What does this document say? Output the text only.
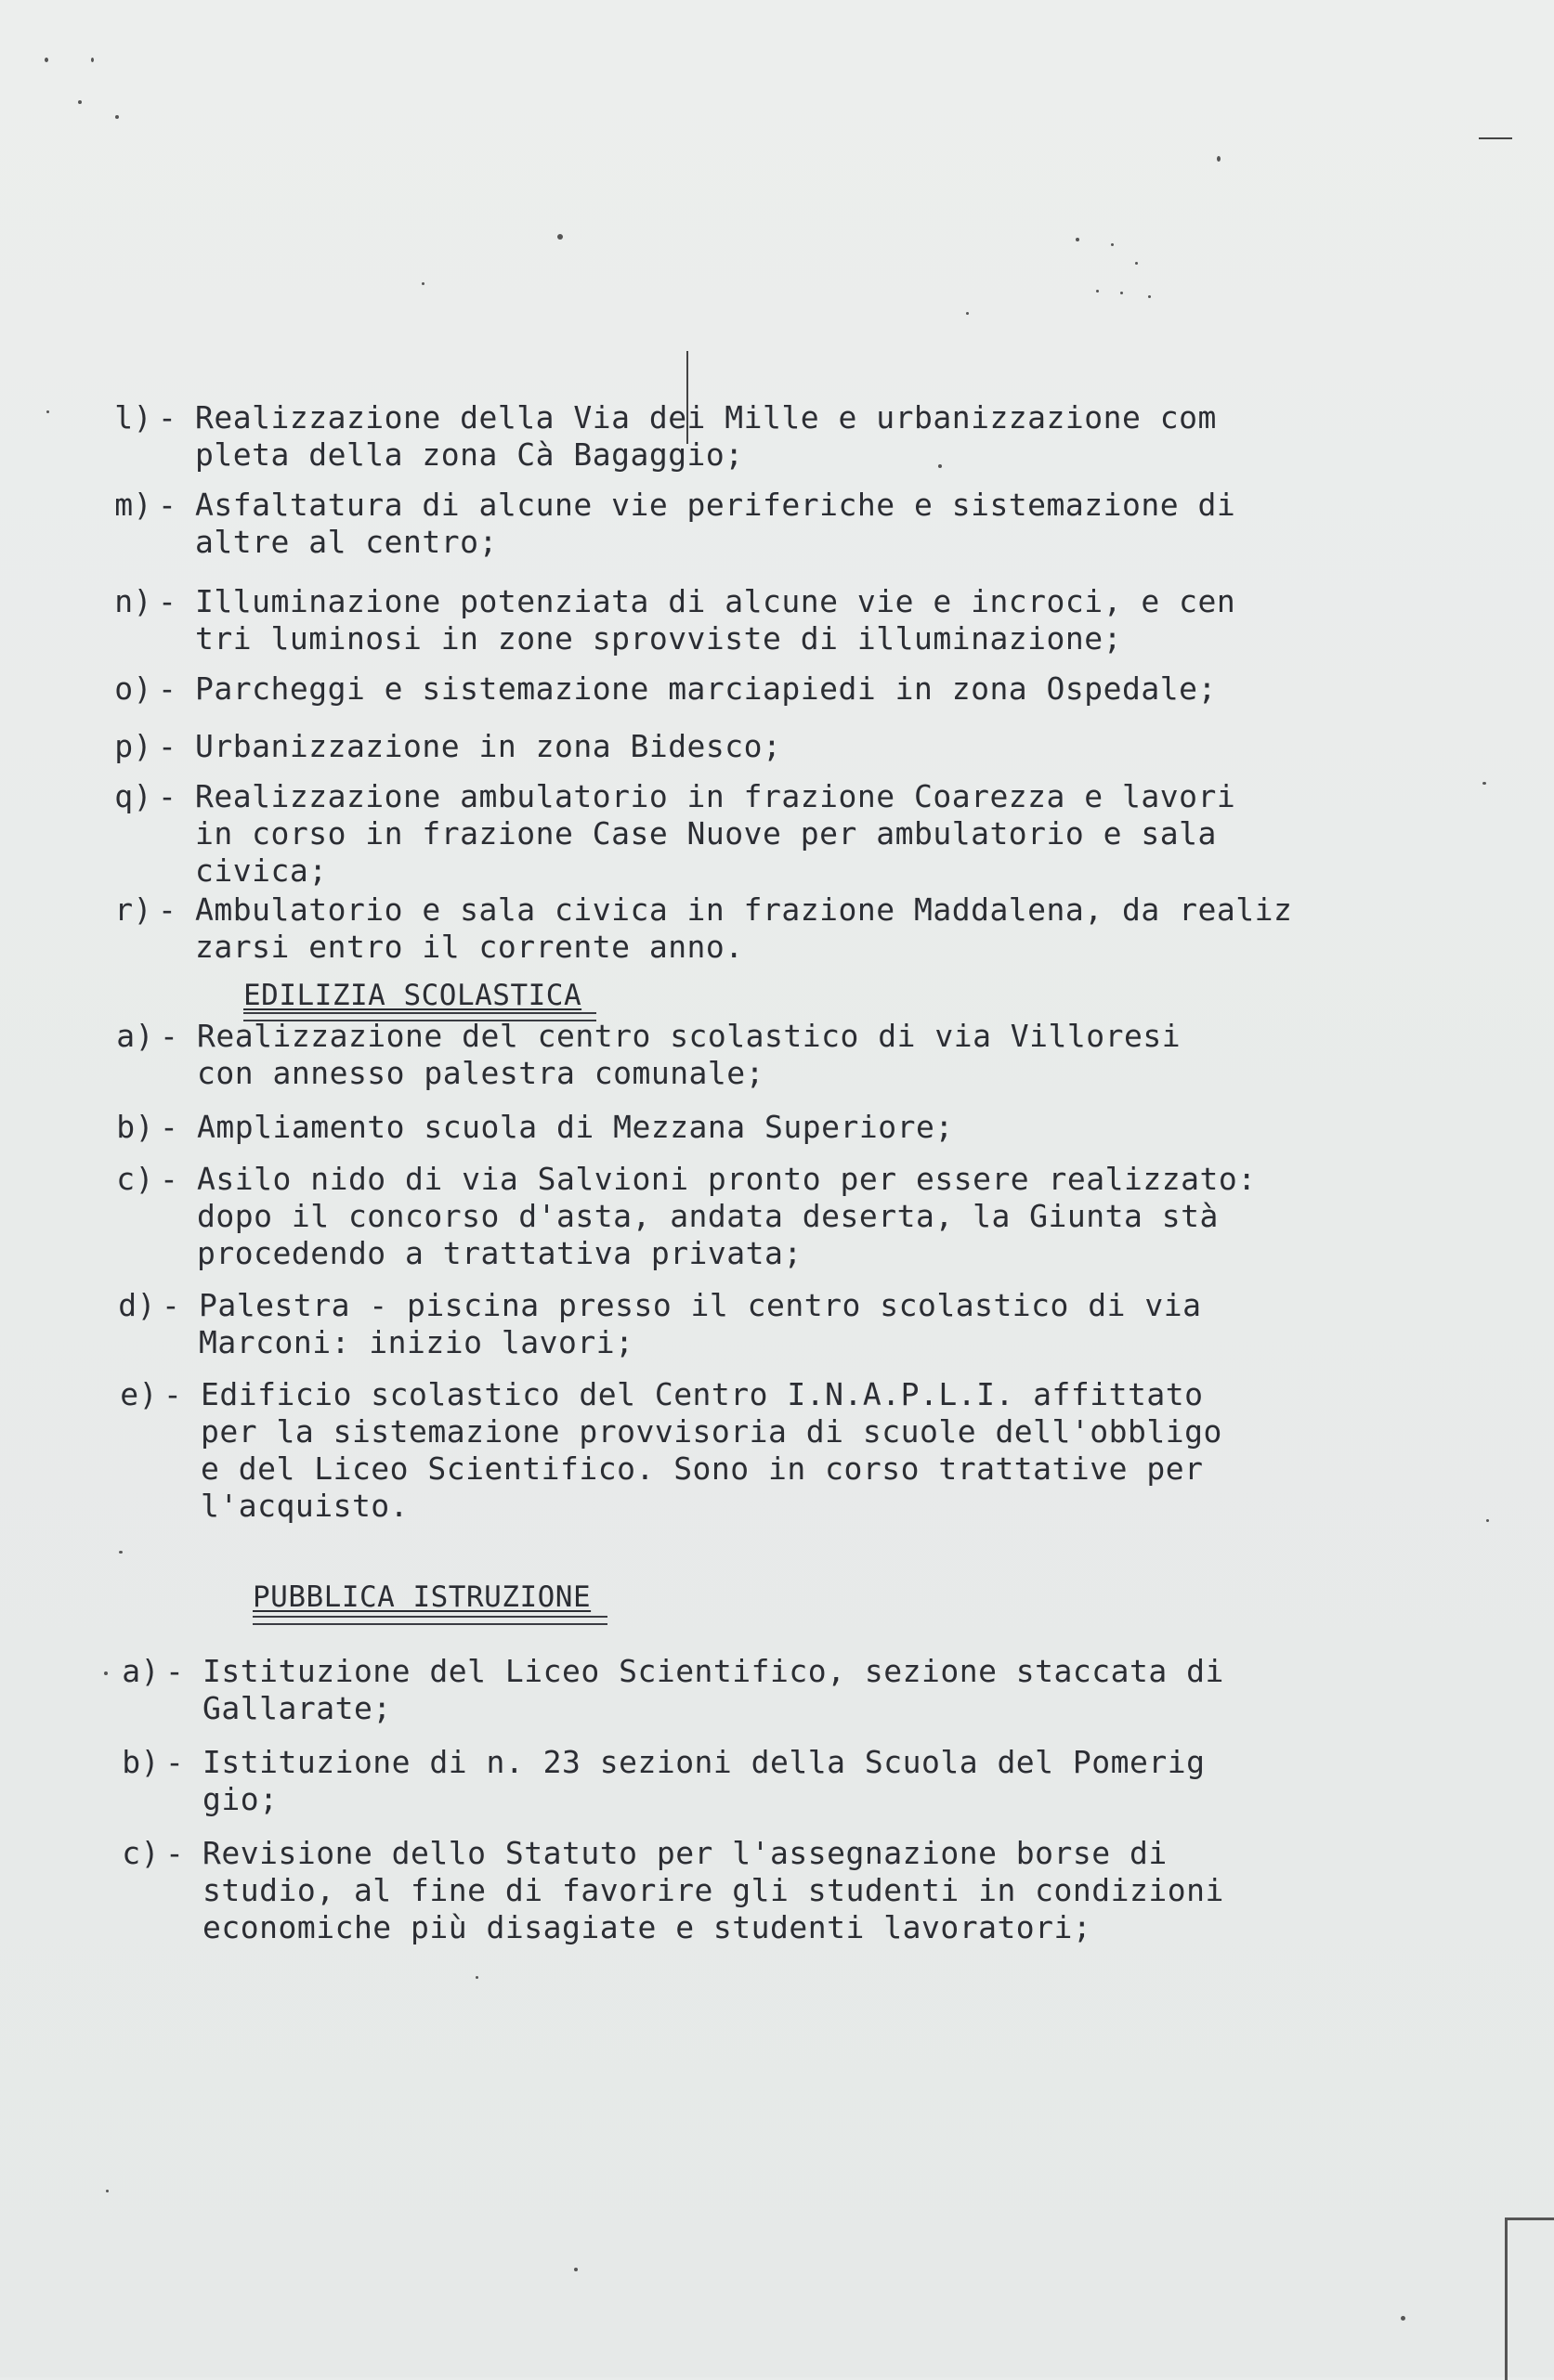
l) - Realizzazione della Via dei Mille e urbanizzazione com
pleta della zona Cà Bagaggio;
m) - Asfaltatura di alcune vie periferiche e sistemazione di
altre al centro;
n) - Illuminazione potenziata di alcune vie e incroci, e cen
tri luminosi in zone sprovviste di illuminazione;
o) - Parcheggi e sistemazione marciapiedi in zona Ospedale;
p) - Urbanizzazione in zona Bidesco;
q) - Realizzazione ambulatorio in frazione Coarezza e lavori
in corso in frazione Case Nuove per ambulatorio e sala
civica;
r) - Ambulatorio e sala civica in frazione Maddalena, da realiz
zarsi entro il corrente anno.
EDILIZIA SCOLASTICA
a) - Realizzazione del centro scolastico di via Villoresi
con annesso palestra comunale;
b) - Ampliamento scuola di Mezzana Superiore;
c) - Asilo nido di via Salvioni pronto per essere realizzato:
dopo il concorso d'asta, andata deserta, la Giunta stà
procedendo a trattativa privata;
d) - Palestra - piscina presso il centro scolastico di via
Marconi: inizio lavori;
e) - Edificio scolastico del Centro I.N.A.P.L.I. affittato
per la sistemazione provvisoria di scuole dell'obbligo
e del Liceo Scientifico. Sono in corso trattative per
l'acquisto.
PUBBLICA ISTRUZIONE
a) - Istituzione del Liceo Scientifico, sezione staccata di
Gallarate;
b) - Istituzione di n. 23 sezioni della Scuola del Pomerig
gio;
c) - Revisione dello Statuto per l'assegnazione borse di
studio, al fine di favorire gli studenti in condizioni
economiche più disagiate e studenti lavoratori;
